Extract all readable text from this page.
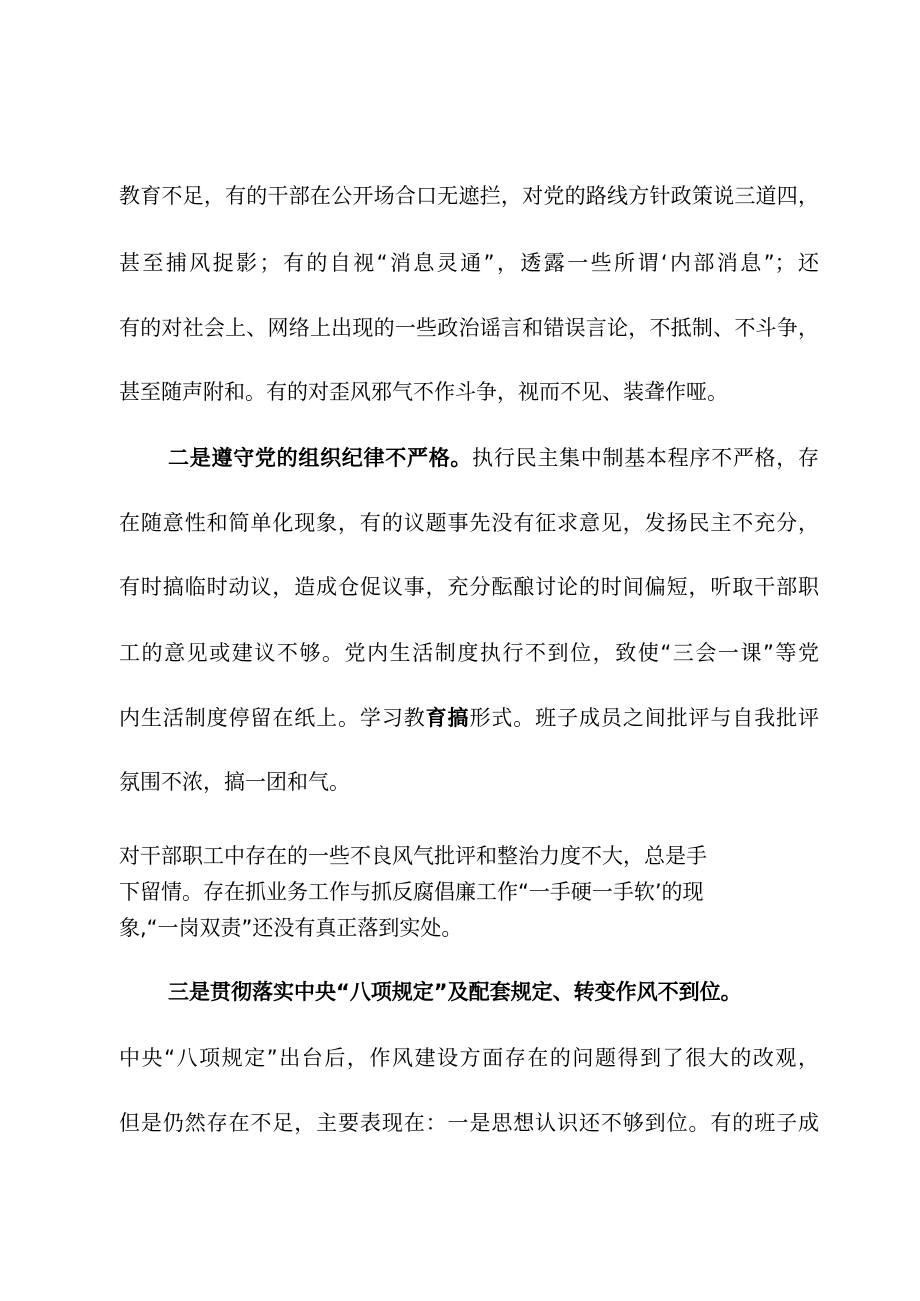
教育不足，有的干部在公开场合口无遮拦，对党的路线方针政策说三道四，

甚至捕风捉影；有的自视“消息灵通”，透露一些所谓‘内部消息”；还

有的对社会上、网络上出现的一些政治谣言和错误言论，不抵制、不斗争，

甚至随声附和。有的对歪风邪气不作斗争，视而不见、装聋作哑。

二是遵守党的组织纪律不严格。执行民主集中制基本程序不严格，存

在随意性和简单化现象，有的议题事先没有征求意见，发扬民主不充分，

有时搞临时动议，造成仓促议事，充分酝酿讨论的时间偏短，听取干部职

工的意见或建议不够。党内生活制度执行不到位，致使“三会一课”等党

内生活制度停留在纸上。学习教育搞形式。班子成员之间批评与自我批评

氛围不浓，搞一团和气。

对干部职工中存在的一些不良风气批评和整治力度不大，总是手

下留情。存在抓业务工作与抓反腐倡廉工作“一手硬一手软’的现

象,“一岗双责”还没有真正落到实处。

三是贯彻落实中央“八项规定”及配套规定、转变作风不到位。

中央“八项规定”出台后，作风建设方面存在的问题得到了很大的改观，

但是仍然存在不足，主要表现在：一是思想认识还不够到位。有的班子成
